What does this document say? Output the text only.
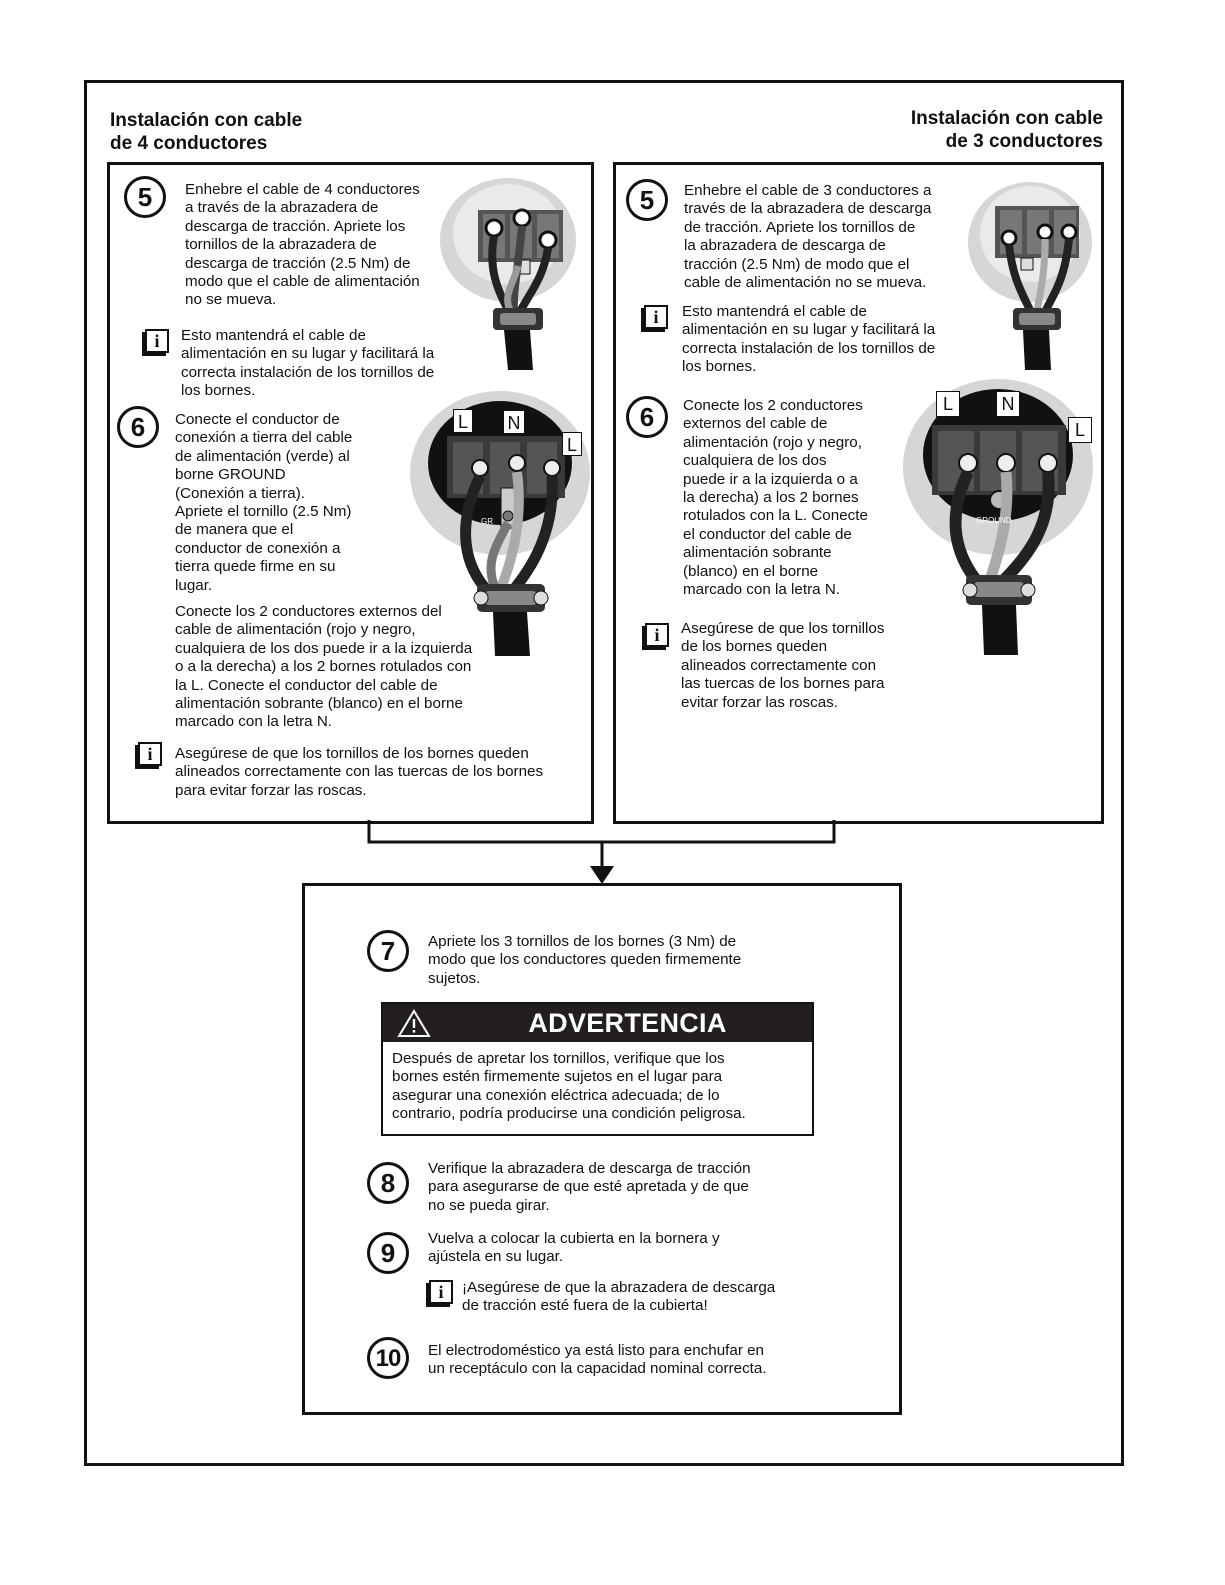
Instalación con cable
de 4 conductores
Instalación con cable
de 3 conductores
5	Enhebre el cable de 4 conductores
a través de la abrazadera de
descarga de tracción. Apriete los
tornillos de la abrazadera de
descarga de tracción (2.5 Nm) de
modo que el cable de alimentación
no se mueva.
i	Esto mantendrá el cable de
alimentación en su lugar y facilitará la
correcta instalación de los tornillos de
los bornes.
6	Conecte el conductor de
conexión a tierra del cable
de alimentación (verde) al
borne GROUND
(Conexión a tierra).
Apriete el tornillo (2.5 Nm)
de manera que el
conductor de conexión a
tierra quede firme en su
lugar.
GR
L N
L
Conecte los 2 conductores externos del
cable de alimentación (rojo y negro,
cualquiera de los dos puede ir a la izquierda
o a la derecha) a los 2 bornes rotulados con
la L. Conecte el conductor del cable de
alimentación sobrante (blanco) en el borne
marcado con la letra N.
i	Asegúrese de que los tornillos de los bornes queden
alineados correctamente con las tuercas de los bornes
para evitar forzar las roscas.
5	Enhebre el cable de 3 conductores a
través de la abrazadera de descarga
de tracción. Apriete los tornillos de
la abrazadera de descarga de
tracción (2.5 Nm) de modo que el
cable de alimentación no se mueva.
i	Esto mantendrá el cable de
alimentación en su lugar y facilitará la
correcta instalación de los tornillos de
los bornes.
6	Conecte los 2 conductores
externos del cable de
alimentación (rojo y negro,
cualquiera de los dos
puede ir a la izquierda o a
la derecha) a los 2 bornes
rotulados con la L. Conecte
el conductor del cable de
alimentación sobrante
(blanco) en el borne
marcado con la letra N.
GROUND
L	N
L
i	Asegúrese de que los tornillos
de los bornes queden
alineados correctamente con
las tuercas de los bornes para
evitar forzar las roscas.
7	Apriete los 3 tornillos de los bornes (3 Nm) de
modo que los conductores queden firmemente
sujetos.
ADVERTENCIA
Después de apretar los tornillos, verifique que los
bornes estén firmemente sujetos en el lugar para
asegurar una conexión eléctrica adecuada; de lo
contrario, podría producirse una condición peligrosa.
8	Verifique la abrazadera de descarga de tracción
para asegurarse de que esté apretada y de que
no se pueda girar.
9	Vuelva a colocar la cubierta en la bornera y
ajústela en su lugar.
i	¡Asegúrese de que la abrazadera de descarga
de tracción esté fuera de la cubierta!
10	El electrodoméstico ya está listo para enchufar en
un receptáculo con la capacidad nominal correcta.
